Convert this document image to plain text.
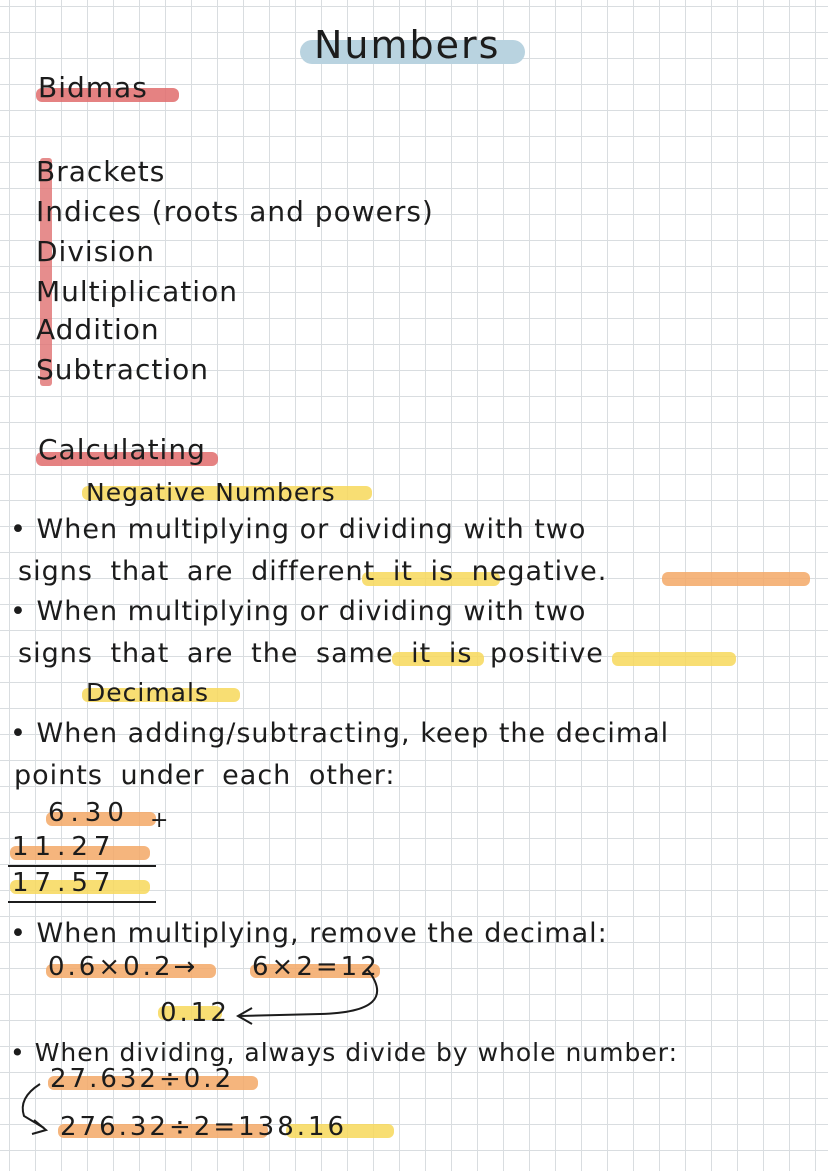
Numbers
Bidmas
Brackets
Indices (roots and powers)
Division
Multiplication
Addition
Subtraction
Calculating
Negative Numbers
• When multiplying or dividing with two
signs that are different it is negative.
• When multiplying or dividing with two
signs that are the same it is positive
Decimals
• When adding/subtracting, keep the decimal
points under each other:
6.30 +
11.27
17.57
• When multiplying, remove the decimal:
0.6×0.2→ 6×2=12
0.12
• When dividing, always divide by whole number:
27.632÷0.2
276.32÷2=138.16
